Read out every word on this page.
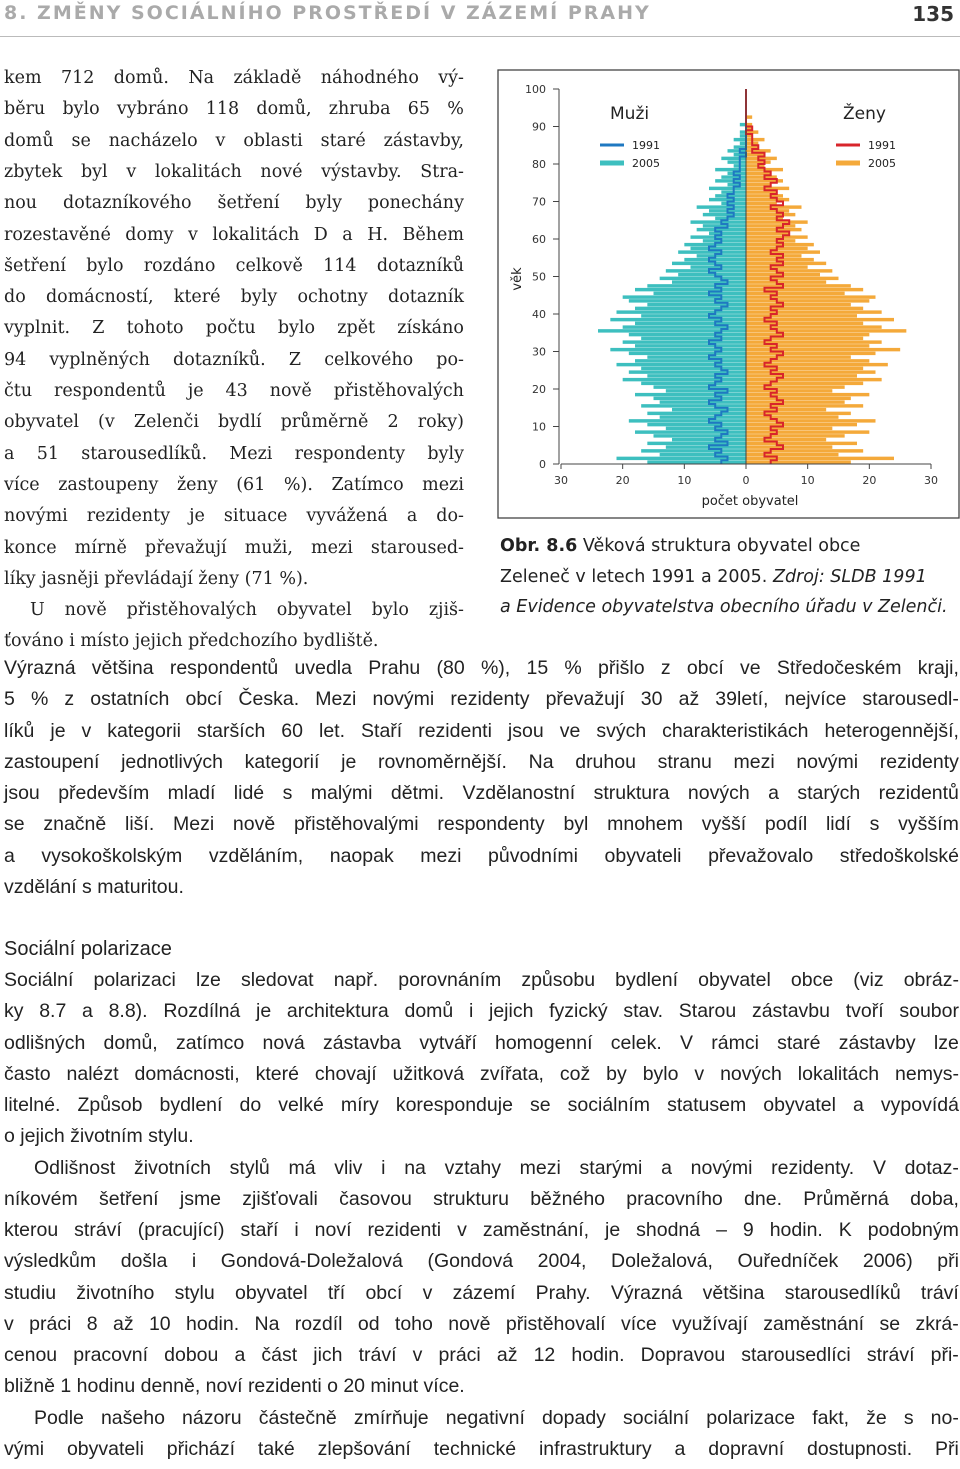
8. ZMĚNY SOCIÁLNÍHO PROSTŘEDÍ V ZÁZEMÍ PRAHY	135
kem 712 domů. Na základě náhodného vý-
běru bylo vybráno 118 domů, zhruba 65 %
domů se nacházelo v oblasti staré zástavby,
zbytek byl v lokalitách nové výstavby. Stra-
nou dotazníkového šetření byly ponechány
rozestavěné domy v lokalitách D a H. Během
šetření bylo rozdáno celkově 114 dotazníků
do domácností, které byly ochotny dotazník
vyplnit. Z tohoto počtu bylo zpět získáno
94 vyplněných dotazníků. Z celkového po-
čtu respondentů je 43 nově přistěhovalých
obyvatel (v Zelenči bydlí průměrně 2 roky)
a 51 starousedlíků. Mezi respondenty byly
více zastoupeny ženy (61 %). Zatímco mezi
novými rezidenty je situace vyvážená a do-
konce mírně převažují muži, mezi staroused-
líky jasněji převládají ženy (71 %).
U nově přistěhovalých obyvatel bylo zjiš-
ťováno i místo jejich předchozího bydliště.
0
10
20
30
40
50
60
70
80
90
100
30	20	10	0	10	20	30
počet obyvatel
věk
Muži	Ženy
1991
2005
1991
2005
Obr. 8.6 Věková struktura obyvatel obce
Zeleneč v letech 1991 a 2005. Zdroj: SLDB 1991
a Evidence obyvatelstva obecního úřadu v Zelenči.
Výrazná většina respondentů uvedla Prahu (80 %), 15 % přišlo z obcí ve Středočeském kraji,
5 % z ostatních obcí Česka. Mezi novými rezidenty převažují 30 až 39letí, nejvíce starousedl-
líků je v kategorii starších 60 let. Staří rezidenti jsou ve svých charakteristikách heterogennější,
zastoupení jednotlivých kategorií je rovnoměrnější. Na druhou stranu mezi novými rezidenty
jsou především mladí lidé s malými dětmi. Vzdělanostní struktura nových a starých rezidentů
se značně liší. Mezi nově přistěhovalými respondenty byl mnohem vyšší podíl lidí s vyšším
a vysokoškolským vzděláním, naopak mezi původními obyvateli převažovalo středoškolské
vzdělání s maturitou.
Sociální polarizace
Sociální polarizaci lze sledovat např. porovnáním způsobu bydlení obyvatel obce (viz obráz-
ky 8.7 a 8.8). Rozdílná je architektura domů i jejich fyzický stav. Starou zástavbu tvoří soubor
odlišných domů, zatímco nová zástavba vytváří homogenní celek. V rámci staré zástavby lze
často nalézt domácnosti, které chovají užitková zvířata, což by bylo v nových lokalitách nemys-
litelné. Způsob bydlení do velké míry koresponduje se sociálním statusem obyvatel a vypovídá
o jejich životním stylu.
Odlišnost životních stylů má vliv i na vztahy mezi starými a novými rezidenty. V dotaz-
níkovém šetření jsme zjišťovali časovou strukturu běžného pracovního dne. Průměrná doba,
kterou stráví (pracující) staří i noví rezidenti v zaměstnání, je shodná – 9 hodin. K podobným
výsledkům došla i Gondová-Doležalová (Gondová 2004, Doležalová, Ouředníček 2006) při
studiu životního stylu obyvatel tří obcí v zázemí Prahy. Výrazná většina starousedlíků tráví
v práci 8 až 10 hodin. Na rozdíl od toho nově přistěhovalí více využívají zaměstnání se zkrá-
cenou pracovní dobou a část jich tráví v práci až 12 hodin. Dopravou starousedlíci stráví při-
bližně 1 hodinu denně, noví rezidenti o 20 minut více.
Podle našeho názoru částečně zmírňuje negativní dopady sociální polarizace fakt, že s no-
vými obyvateli přichází také zlepšování technické infrastruktury a dopravní dostupnosti. Při
